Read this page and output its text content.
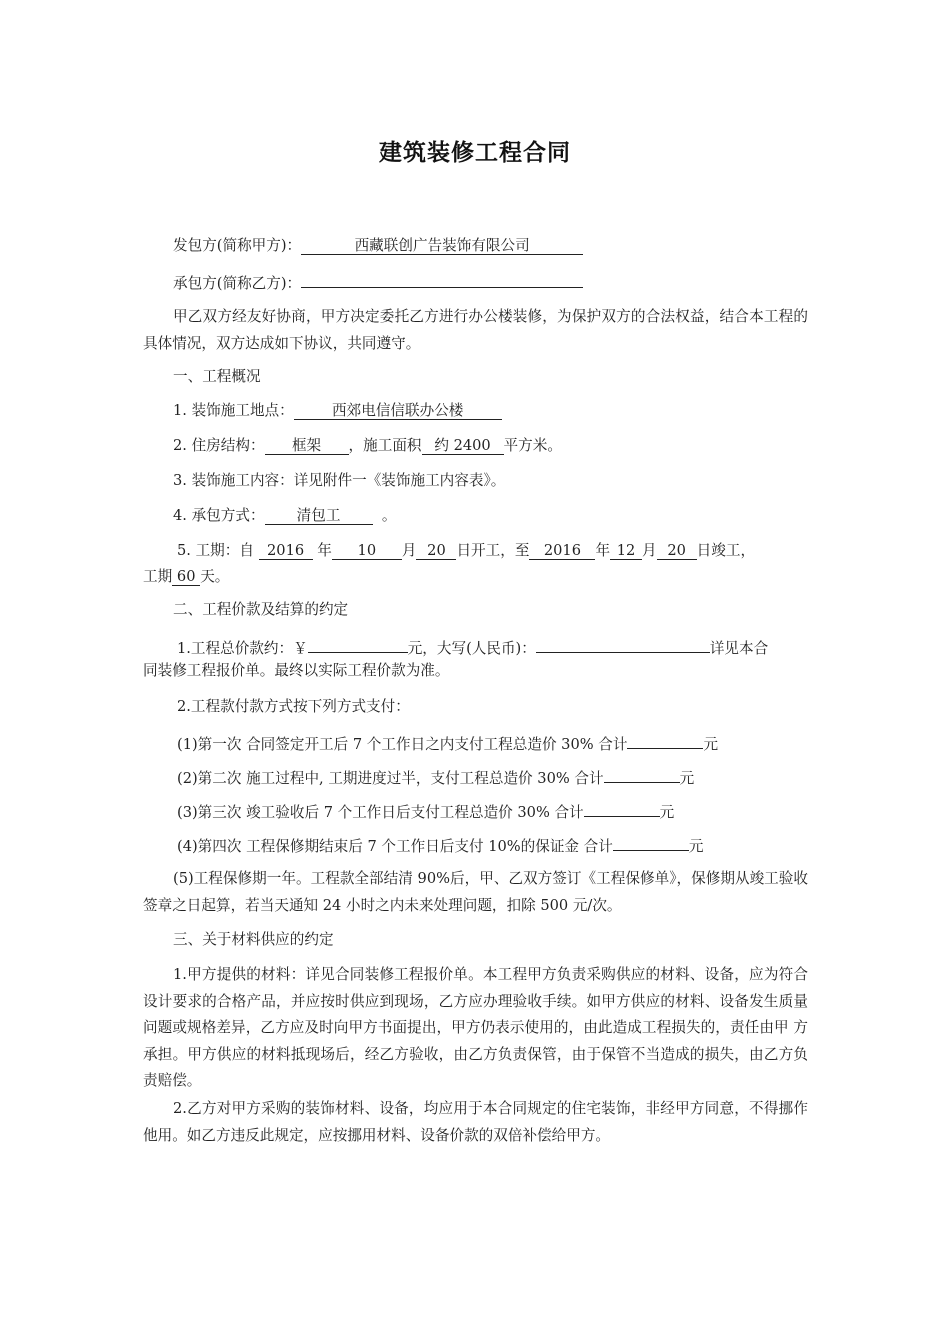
建筑装修工程合同
发包方(简称甲方)：	西藏联创广告装饰有限公司
承包方(简称乙方)：
甲乙双方经友好协商，甲方决定委托乙方进行办公楼装修，为保护双方的合法权益，结合本工程的具体情况，双方达成如下协议，共同遵守。
一、工程概况
1. 装饰施工地点：	西郊电信信联办公楼
2. 住房结构： 框架 ，施工面积 约 2400 平方米。
3. 装饰施工内容：详见附件一《装饰施工内容表》。
4. 承包方式： 清包工	。
5. 工期：自 2016 年 10 月 20 日开工，至 2016 年 12 月 20 日竣工，
工期 60 天。
二、工程价款及结算的约定
1.工程总价款约：￥	元，大写(人民币)：	详见本合
同装修工程报价单。最终以实际工程价款为准。
2.工程款付款方式按下列方式支付：
(1)第一次 合同签定开工后 7 个工作日之内支付工程总造价 30% 合计	元
(2)第二次 施工过程中, 工期进度过半，支付工程总造价 30% 合计	元
(3)第三次 竣工验收后 7 个工作日后支付工程总造价 30% 合计	元
(4)第四次 工程保修期结束后 7 个工作日后支付 10%的保证金 合计	元
(5)工程保修期一年。工程款全部结清 90%后，甲、乙双方签订《工程保修单》，保修期从竣工验收签章之日起算，若当天通知 24 小时之内未来处理问题，扣除 500 元/次。
三、关于材料供应的约定
1.甲方提供的材料：详见合同装修工程报价单。本工程甲方负责采购供应的材料、设备，应为符合设计要求的合格产品，并应按时供应到现场，乙方应办理验收手续。如甲方供应的材料、设备发生质量问题或规格差异，乙方应及时向甲方书面提出，甲方仍表示使用的，由此造成工程损失的，责任由甲 方承担。甲方供应的材料抵现场后，经乙方验收，由乙方负责保管，由于保管不当造成的损失，由乙方负责赔偿。
2.乙方对甲方采购的装饰材料、设备，均应用于本合同规定的住宅装饰，非经甲方同意，不得挪作他用。如乙方违反此规定，应按挪用材料、设备价款的双倍补偿给甲方。
